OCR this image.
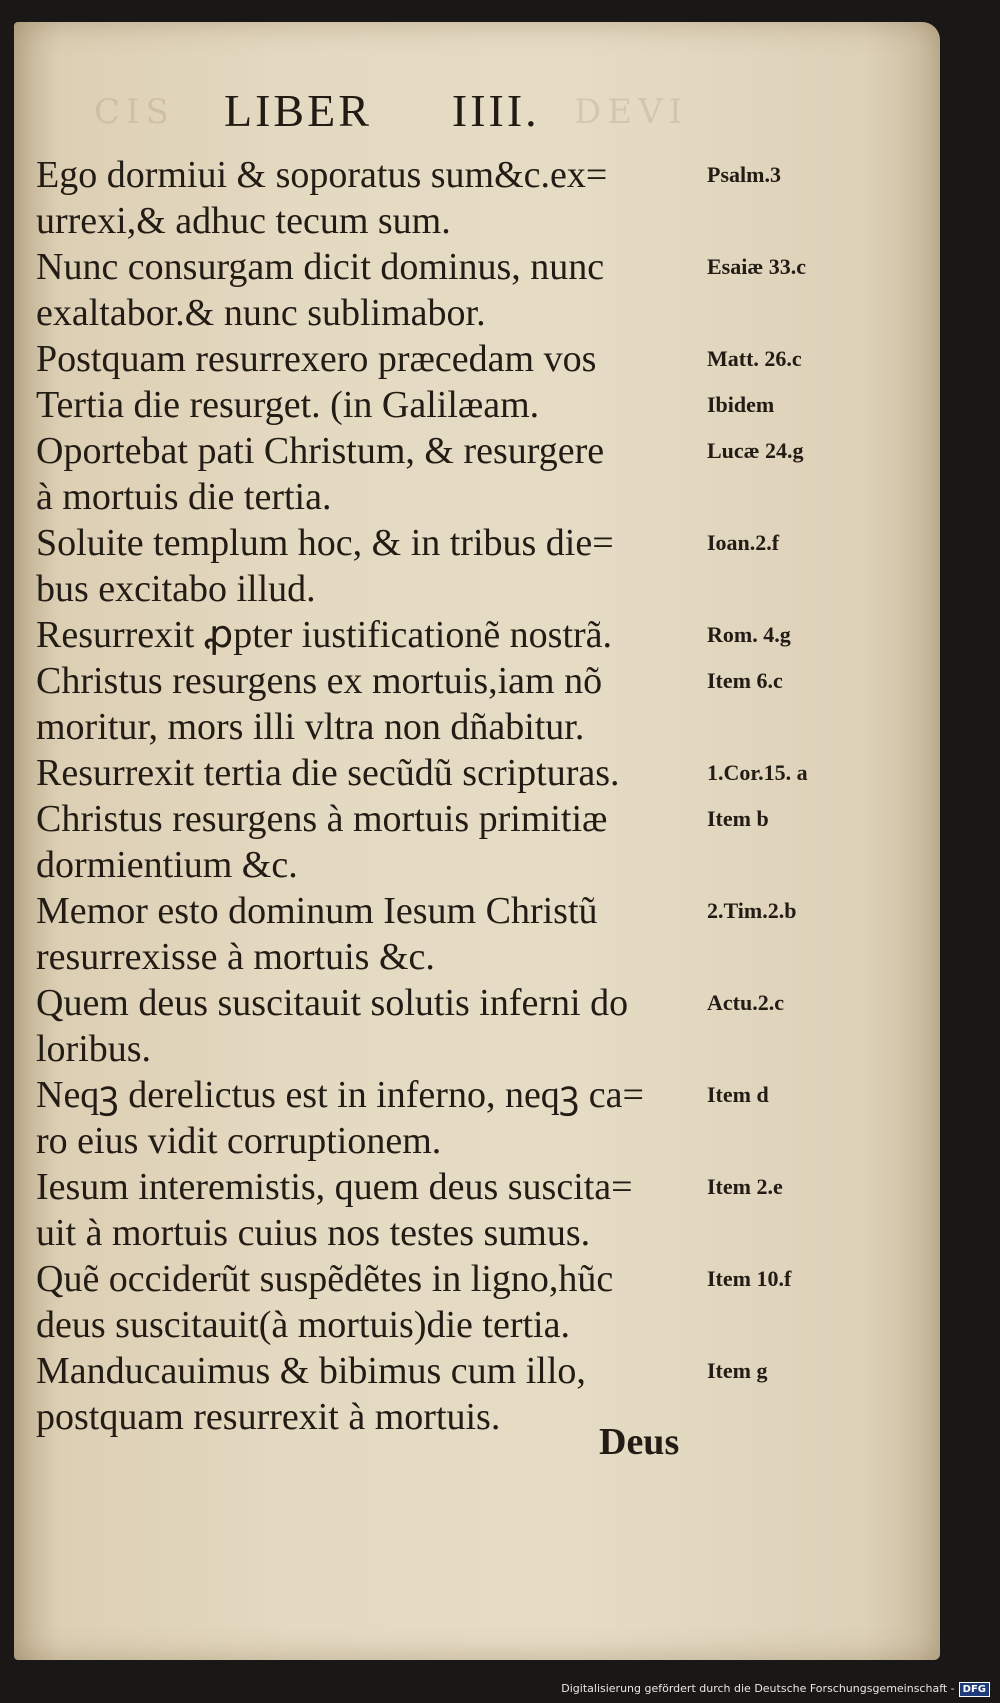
CIS	DEVI
LIBER IIII.
Ego dormiui & soporatus sum&c.ex=
urrexi,& adhuc tecum sum.
Nunc consurgam dicit dominus, nunc
exaltabor.& nunc sublimabor.
Postquam resurrexero præcedam vos
Tertia die resurget. (in Galilæam.
Oportebat pati Christum, & resurgere
à mortuis die tertia.
Soluite templum hoc, & in tribus die=
bus excitabo illud.
Resurrexit ꝓpter iustificationẽ nostrã.
Christus resurgens ex mortuis,iam nõ
moritur, mors illi vltra non dñabitur.
Resurrexit tertia die secũdũ scripturas.
Christus resurgens à mortuis primitiæ
dormientium &c.
Memor esto dominum Iesum Christũ
resurrexisse à mortuis &c.
Quem deus suscitauit solutis inferni do
loribus.
Neqꝫ derelictus est in inferno, neqꝫ ca=
ro eius vidit corruptionem.
Iesum interemistis, quem deus suscita=
uit à mortuis cuius nos testes sumus.
Quẽ occiderũt suspẽdẽtes in ligno,hũc
deus suscitauit(à mortuis)die tertia.
Manducauimus & bibimus cum illo,
postquam resurrexit à mortuis.
Psalm.3
Esaiæ 33.c
Matt. 26.c
Ibidem
Lucæ 24.g
Ioan.2.f
Rom. 4.g
Item 6.c
1.Cor.15. a
Item b
2.Tim.2.b
Actu.2.c
Item d
Item 2.e
Item 10.f
Item g
Deus
Digitalisierung gefördert durch die Deutsche Forschungsgemeinschaft - DFG
